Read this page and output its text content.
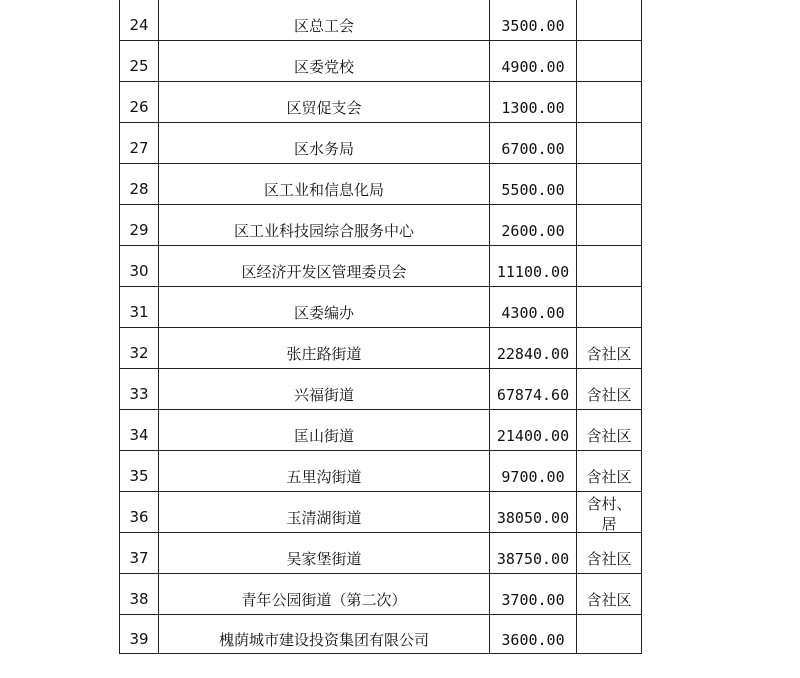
24	区总工会	3500.00	
25	区委党校	4900.00	
26	区贸促支会	1300.00	
27	区水务局	6700.00	
28	区工业和信息化局	5500.00	
29	区工业科技园综合服务中心	2600.00	
30	区经济开发区管理委员会	11100.00	
31	区委编办	4300.00	
32	张庄路街道	22840.00	含社区
33	兴福街道	67874.60	含社区
34	匡山街道	21400.00	含社区
35	五里沟街道	9700.00	含社区
36	玉清湖街道	38050.00	含村、
居
37	吴家堡街道	38750.00	含社区
38	青年公园街道（第二次）	3700.00	含社区
39	槐荫城市建设投资集团有限公司	3600.00	
